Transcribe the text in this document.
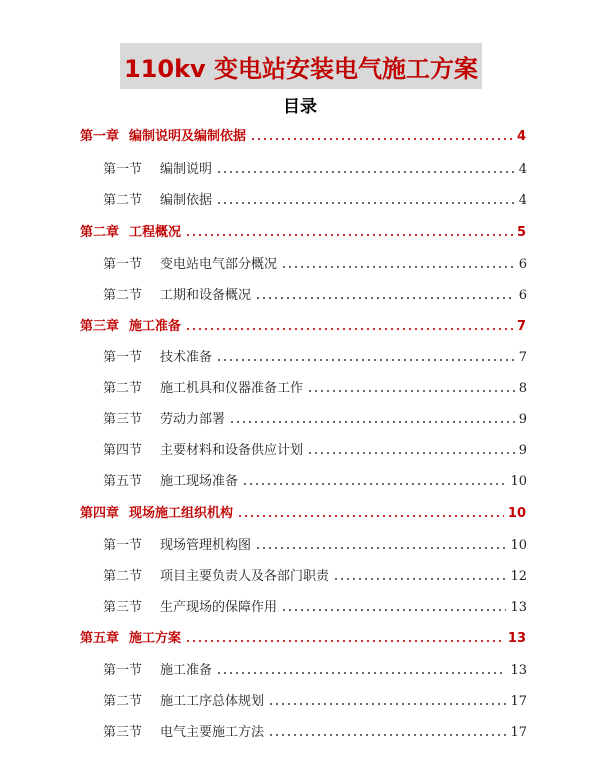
110kv 变电站安装电气施工方案
目录
第一章 编制说明及编制依据	4
第一节 编制说明	4
第二节 编制依据	4
第二章 工程概况	5
第一节 变电站电气部分概况	6
第二节 工期和设备概况	6
第三章 施工准备	7
第一节 技术准备	7
第二节 施工机具和仪器准备工作	8
第三节 劳动力部署	9
第四节 主要材料和设备供应计划	9
第五节 施工现场准备	10
第四章 现场施工组织机构	10
第一节 现场管理机构图	10
第二节 项目主要负责人及各部门职责	12
第三节 生产现场的保障作用	13
第五章 施工方案	13
第一节 施工准备	13
第二节 施工工序总体规划	17
第三节 电气主要施工方法	17
